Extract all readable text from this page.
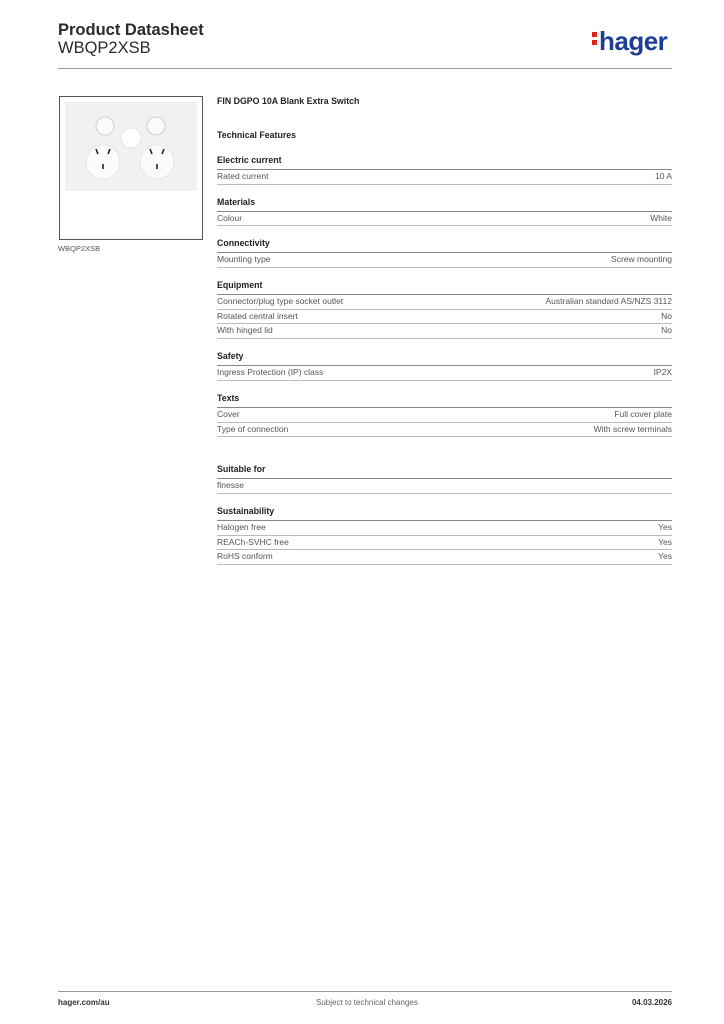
Product Datasheet
WBQP2XSB	hager
WBQP2XSB
FIN DGPO 10A Blank Extra Switch
Technical Features
Electric current
Rated current	10 A
Materials
Colour	White
Connectivity
Mounting type	Screw mounting
Equipment
Connector/plug type socket outlet	Australian standard AS/NZS 3112
Rotated central insert	No
With hinged lid	No
Safety
Ingress Protection (IP) class	IP2X
Texts
Cover	Full cover plate
Type of connection	With screw terminals
Suitable for
finesse
Sustainability
Halogen free	Yes
REACh-SVHC free	Yes
RoHS conform	Yes
hager.com/au	Subject to technical changes	04.03.2026
